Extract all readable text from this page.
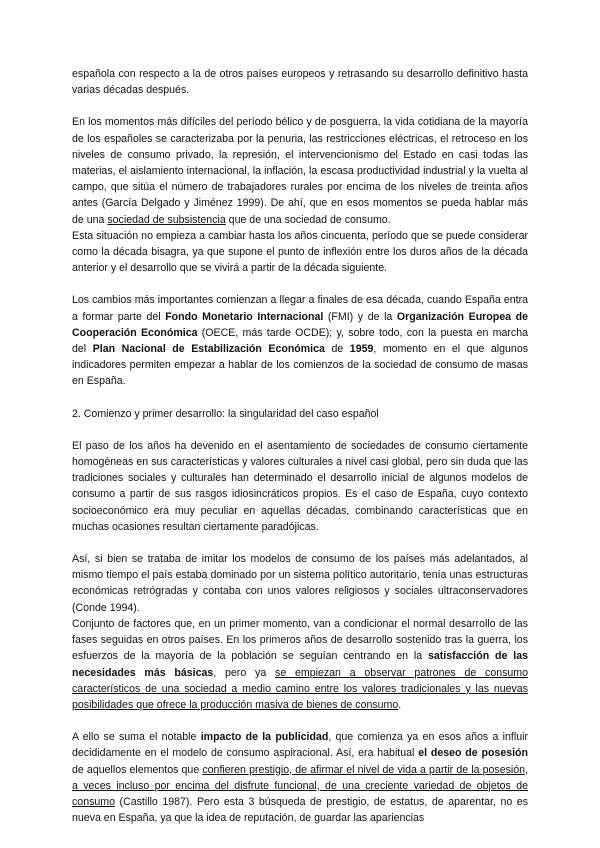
española con respecto a la de otros países europeos y retrasando su desarrollo definitivo hasta varias décadas después.

En los momentos más difíciles del período bélico y de posguerra, la vida cotidiana de la mayoría de los españoles se caracterizaba por la penuria, las restricciones eléctricas, el retroceso en los niveles de consumo privado, la represión, el intervencionismo del Estado en casi todas las materias, el aislamiento internacional, la inflación, la escasa productividad industrial y la vuelta al campo, que sitúa el número de trabajadores rurales por encima de los niveles de treinta años antes (García Delgado y Jiménez 1999). De ahí, que en esos momentos se pueda hablar más de una sociedad de subsistencia que de una sociedad de consumo.

Esta situación no empieza a cambiar hasta los años cincuenta, período que se puede considerar como la década bisagra, ya que supone el punto de inflexión entre los duros años de la década anterior y el desarrollo que se vivirá a partir de la década siguiente.

Los cambios más importantes comienzan a llegar a finales de esa década, cuando España entra a formar parte del Fondo Monetario Internacional (FMI) y de la Organización Europea de Cooperación Económica (OECE, más tarde OCDE); y, sobre todo, con la puesta en marcha del Plan Nacional de Estabilización Económica de 1959, momento en el que algunos indicadores permiten empezar a hablar de los comienzos de la sociedad de consumo de masas en España.

2. Comienzo y primer desarrollo: la singularidad del caso español

El paso de los años ha devenido en el asentamiento de sociedades de consumo ciertamente homogéneas en sus características y valores culturales a nivel casi global, pero sin duda que las tradiciones sociales y culturales han determinado el desarrollo inicial de algunos modelos de consumo a partir de sus rasgos idiosincráticos propios. Es el caso de España, cuyo contexto socioeconómico era muy peculiar en aquellas décadas, combinando características que en muchas ocasiones resultan ciertamente paradójicas.

Así, si bien se trataba de imitar los modelos de consumo de los países más adelantados, al mismo tiempo el país estaba dominado por un sistema político autoritario, tenía unas estructuras económicas retrógradas y contaba con unos valores religiosos y sociales ultraconservadores (Conde 1994).

Conjunto de factores que, en un primer momento, van a condicionar el normal desarrollo de las fases seguidas en otros países. En los primeros años de desarrollo sostenido tras la guerra, los esfuerzos de la mayoría de la población se seguían centrando en la satisfacción de las necesidades más básicas, pero ya se empiezan a observar patrones de consumo característicos de una sociedad a medio camino entre los valores tradicionales y las nuevas posibilidades que ofrece la producción masiva de bienes de consumo.

A ello se suma el notable impacto de la publicidad, que comienza ya en esos años a influir decididamente en el modelo de consumo aspiracional. Así, era habitual el deseo de posesión de aquellos elementos que confieren prestigio, de afirmar el nivel de vida a partir de la posesión, a veces incluso por encima del disfrute funcional, de una creciente variedad de objetos de consumo (Castillo 1987). Pero esta 3 búsqueda de prestigio, de estatus, de aparentar, no es nueva en España, ya que la idea de reputación, de guardar las apariencias
